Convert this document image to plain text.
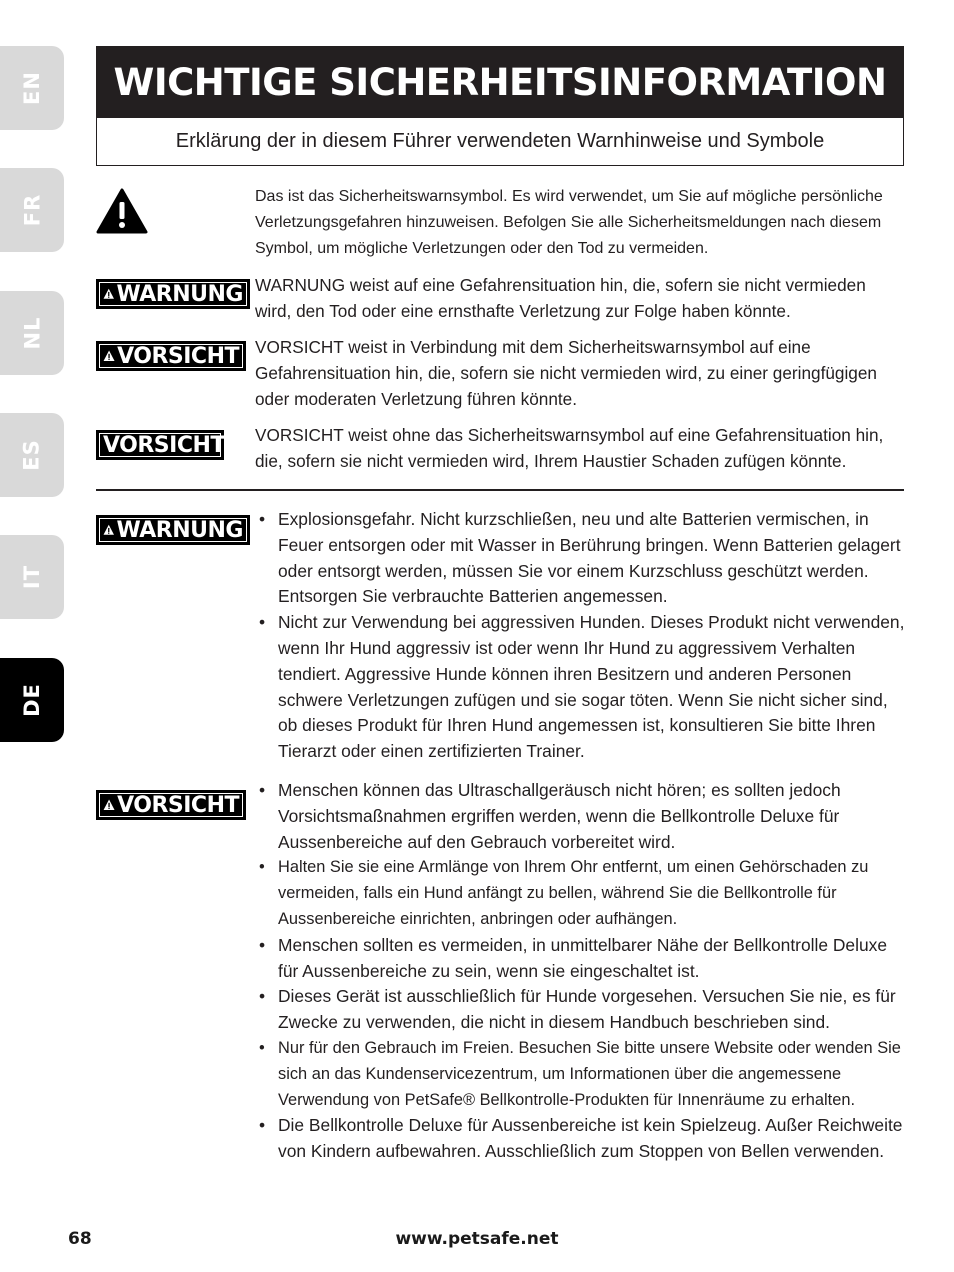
EN
FR
NL
ES
IT
DE
WICHTIGE SICHERHEITSINFORMATION
Erklärung der in diesem Führer verwendeten Warnhinweise und Symbole
Das ist das Sicherheitswarnsymbol. Es wird verwendet, um Sie auf mögliche persönliche Verletzungsgefahren hinzuweisen. Befolgen Sie alle Sicherheitsmeldungen nach diesem Symbol, um mögliche Verletzungen oder den Tod zu vermeiden.
WARNUNG WARNUNG weist auf eine Gefahrensituation hin, die, sofern sie nicht vermieden wird, den Tod oder eine ernsthafte Verletzung zur Folge haben könnte.
VORSICHT VORSICHT weist in Verbindung mit dem Sicherheitswarnsymbol auf eine Gefahrensituation hin, die, sofern sie nicht vermieden wird, zu einer geringfügigen oder moderaten Verletzung führen könnte.
VORSICHT VORSICHT weist ohne das Sicherheitswarnsymbol auf eine Gefahrensituation hin, die, sofern sie nicht vermieden wird, Ihrem Haustier Schaden zufügen könnte.
WARNUNG
•	Explosionsgefahr. Nicht kurzschließen, neu und alte Batterien vermischen, in Feuer entsorgen oder mit Wasser in Berührung bringen. Wenn Batterien gelagert oder entsorgt werden, müssen Sie vor einem Kurzschluss geschützt werden. Entsorgen Sie verbrauchte Batterien angemessen.
• Nicht zur Verwendung bei aggressiven Hunden. Dieses Produkt nicht verwenden, wenn Ihr Hund aggressiv ist oder wenn Ihr Hund zu aggressivem Verhalten tendiert. Aggressive Hunde können ihren Besitzern und anderen Personen schwere Verletzungen zufügen und sie sogar töten. Wenn Sie nicht sicher sind, ob dieses Produkt für Ihren Hund angemessen ist, konsultieren Sie bitte Ihren Tierarzt oder einen zertifizierten Trainer.
VORSICHT
• Menschen können das Ultraschallgeräusch nicht hören; es sollten jedoch Vorsichtsmaßnahmen ergriffen werden, wenn die Bellkontrolle Deluxe für Aussenbereiche auf den Gebrauch vorbereitet wird.
• Halten Sie sie eine Armlänge von Ihrem Ohr entfernt, um einen Gehörschaden zu vermeiden, falls ein Hund anfängt zu bellen, während Sie die Bellkontrolle für Aussenbereiche einrichten, anbringen oder aufhängen.
• Menschen sollten es vermeiden, in unmittelbarer Nähe der Bellkontrolle Deluxe für Aussenbereiche zu sein, wenn sie eingeschaltet ist.
• Dieses Gerät ist ausschließlich für Hunde vorgesehen. Versuchen Sie nie, es für Zwecke zu verwenden, die nicht in diesem Handbuch beschrieben sind.
• Nur für den Gebrauch im Freien. Besuchen Sie bitte unsere Website oder wenden Sie sich an das Kundenservicezentrum, um Informationen über die angemessene Verwendung von PetSafe® Bellkontrolle-Produkten für Innenräume zu erhalten.
• Die Bellkontrolle Deluxe für Aussenbereiche ist kein Spielzeug. Außer Reichweite von Kindern aufbewahren. Ausschließlich zum Stoppen von Bellen verwenden.
www.petsafe.net
68
